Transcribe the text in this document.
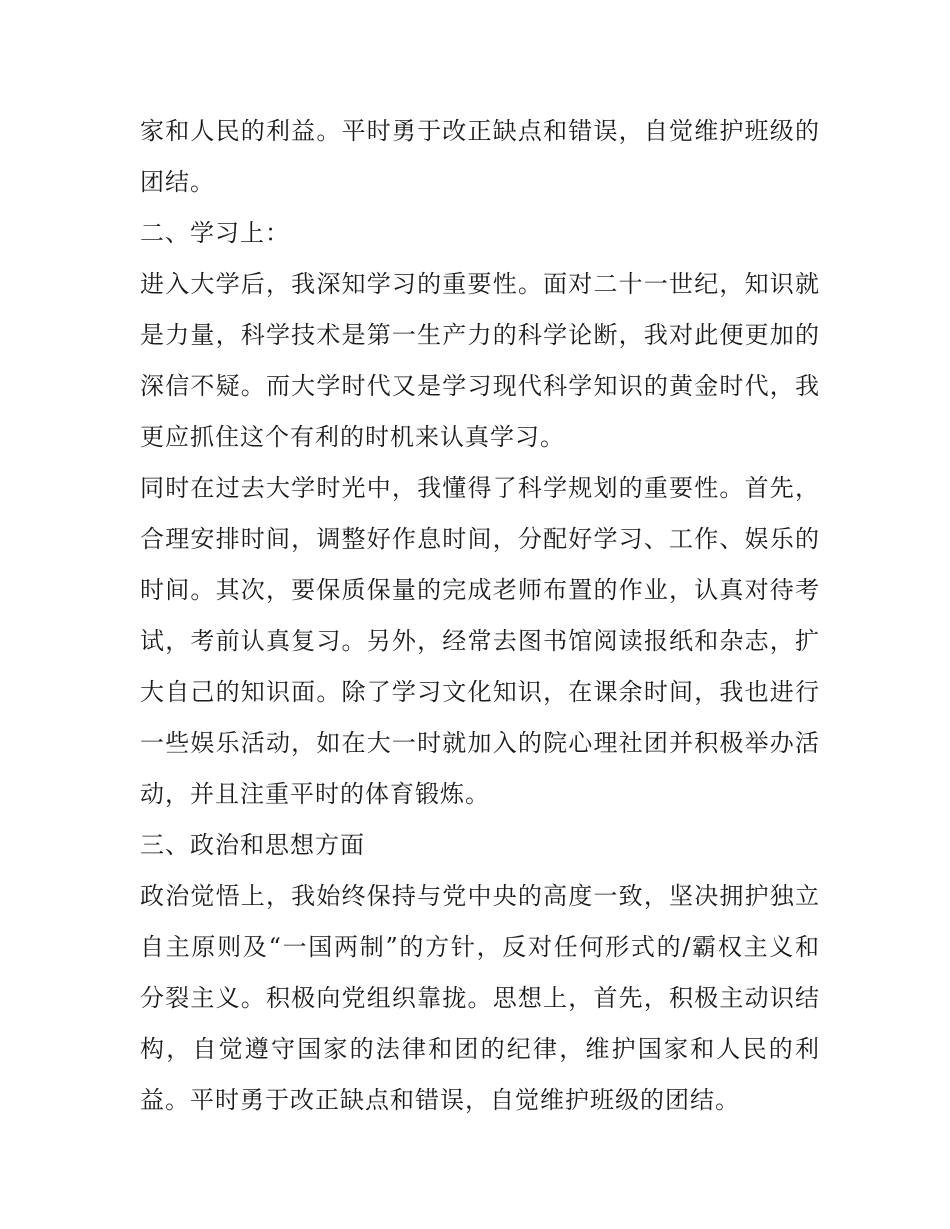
家和人民的利益。平时勇于改正缺点和错误，自觉维护班级的团结。

二、学习上：

进入大学后，我深知学习的重要性。面对二十一世纪，知识就是力量，科学技术是第一生产力的科学论断，我对此便更加的深信不疑。而大学时代又是学习现代科学知识的黄金时代，我更应抓住这个有利的时机来认真学习。

同时在过去大学时光中，我懂得了科学规划的重要性。首先，合理安排时间，调整好作息时间，分配好学习、工作、娱乐的时间。其次，要保质保量的完成老师布置的作业，认真对待考试，考前认真复习。另外，经常去图书馆阅读报纸和杂志，扩大自己的知识面。除了学习文化知识，在课余时间，我也进行一些娱乐活动，如在大一时就加入的院心理社团并积极举办活动，并且注重平时的体育锻炼。

三、政治和思想方面

政治觉悟上，我始终保持与党中央的高度一致，坚决拥护独立自主原则及“一国两制”的方针，反对任何形式的/霸权主义和分裂主义。积极向党组织靠拢。思想上，首先，积极主动识结构，自觉遵守国家的法律和团的纪律，维护国家和人民的利益。平时勇于改正缺点和错误，自觉维护班级的团结。
